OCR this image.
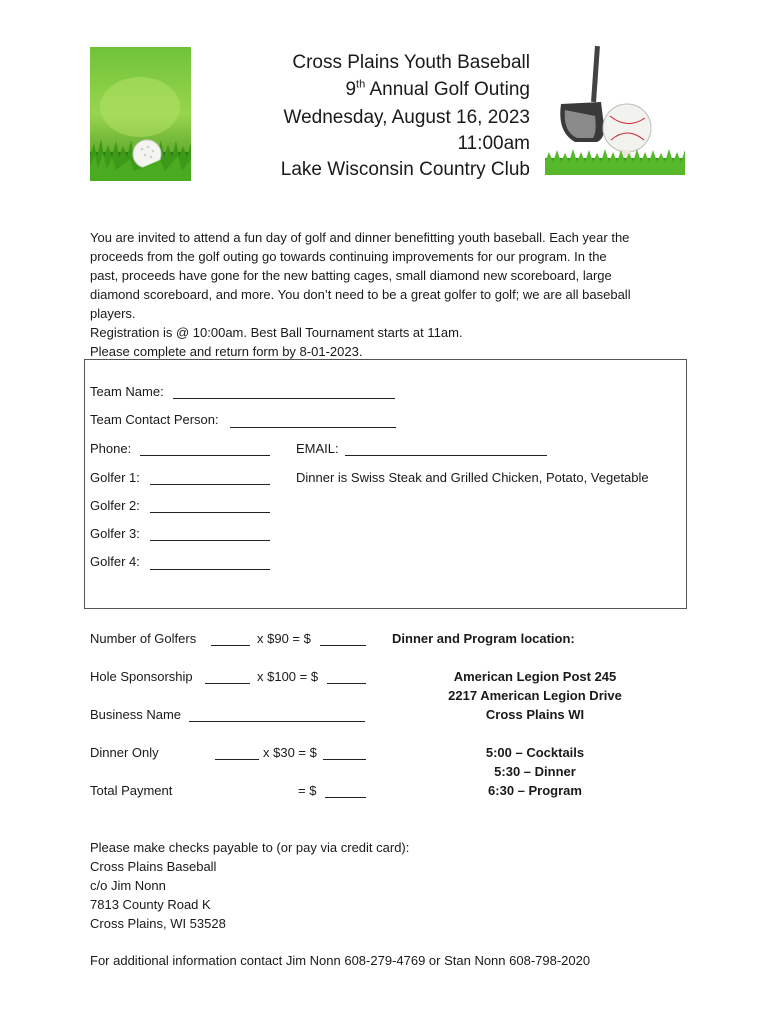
Cross Plains Youth Baseball
9th Annual Golf Outing
Wednesday, August 16, 2023
11:00am
Lake Wisconsin Country Club
You are invited to attend a fun day of golf and dinner benefitting youth baseball. Each year the
proceeds from the golf outing go towards continuing improvements for our program. In the
past, proceeds have gone for the new batting cages, small diamond new scoreboard, large
diamond scoreboard, and more. You don’t need to be a great golfer to golf; we are all baseball
players.
Registration is @ 10:00am. Best Ball Tournament starts at 11am.
Please complete and return form by 8-01-2023.
Team Name:
Team Contact Person:
Phone:	EMAIL:
Golfer 1:	Dinner is Swiss Steak and Grilled Chicken, Potato, Vegetable
Golfer 2:
Golfer 3:
Golfer 4:
Number of Golfers	x $90 = $
Hole Sponsorship	x $100 = $
Business Name
Dinner Only	x $30 = $
Total Payment	= $
Dinner and Program location:
American Legion Post 245
2217 American Legion Drive
Cross Plains WI
5:00 – Cocktails
5:30 – Dinner
6:30 – Program
Please make checks payable to (or pay via credit card):
Cross Plains Baseball
c/o Jim Nonn
7813 County Road K
Cross Plains, WI 53528
For additional information contact Jim Nonn 608-279-4769 or Stan Nonn 608-798-2020
